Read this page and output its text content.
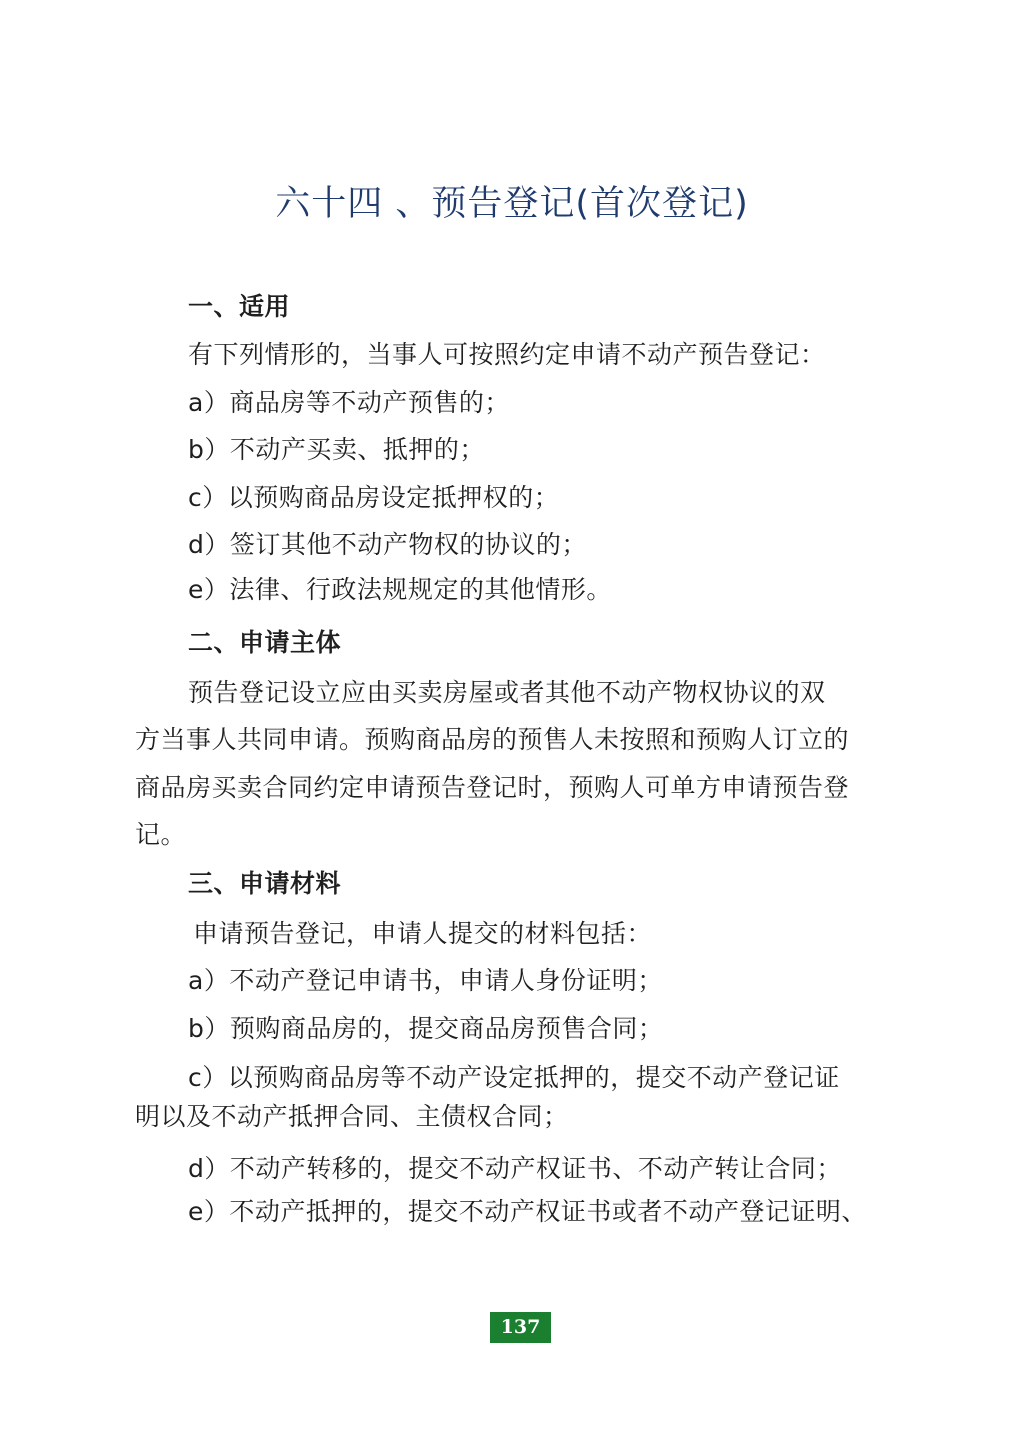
六十四 、预告登记(首次登记)
一、适用
有下列情形的，当事人可按照约定申请不动产预告登记：
a）商品房等不动产预售的；
b）不动产买卖、抵押的；
c）以预购商品房设定抵押权的；
d）签订其他不动产物权的协议的；
e）法律、行政法规规定的其他情形。
二、申请主体
预告登记设立应由买卖房屋或者其他不动产物权协议的双
方当事人共同申请。预购商品房的预售人未按照和预购人订立的
商品房买卖合同约定申请预告登记时，预购人可单方申请预告登
记。
三、申请材料
申请预告登记，申请人提交的材料包括：
a）不动产登记申请书，申请人身份证明；
b）预购商品房的，提交商品房预售合同；
c）以预购商品房等不动产设定抵押的，提交不动产登记证
明以及不动产抵押合同、主债权合同；
d）不动产转移的，提交不动产权证书、不动产转让合同；
e）不动产抵押的，提交不动产权证书或者不动产登记证明、
137
